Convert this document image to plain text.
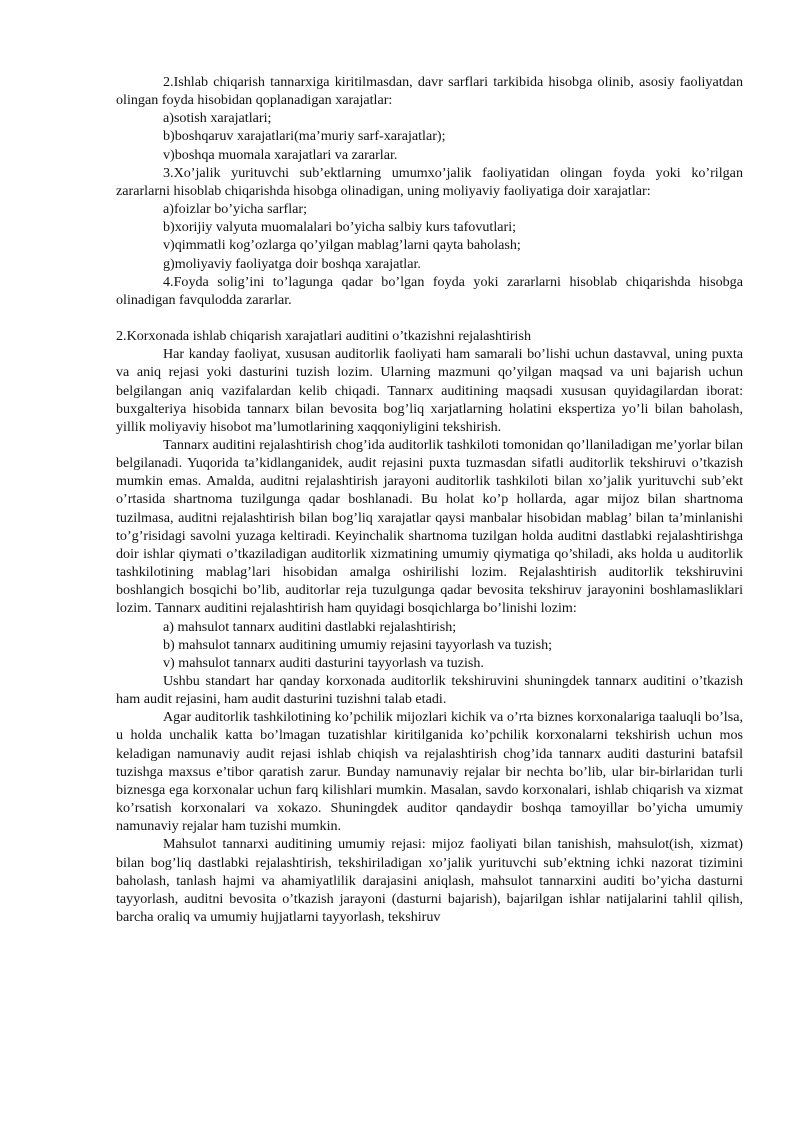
2.Ishlab chiqarish tannarxiga kiritilmasdan, davr sarflari tarkibida hisobga olinib, asosiy faoliyatdan olingan foyda hisobidan qoplanadigan xarajatlar:

a)sotish xarajatlari;

b)boshqaruv xarajatlari(ma’muriy sarf-xarajatlar);

v)boshqa muomala xarajatlari va zararlar.

3.Xo’jalik yurituvchi sub’ektlarning umumxo’jalik faoliyatidan olingan foyda yoki ko’rilgan zararlarni hisoblab chiqarishda hisobga olinadigan, uning moliyaviy faoliyatiga doir xarajatlar:

a)foizlar bo’yicha sarflar;

b)xorijiy valyuta muomalalari bo’yicha salbiy kurs tafovutlari;

v)qimmatli kog’ozlarga qo’yilgan mablag’larni qayta baholash;

g)moliyaviy faoliyatga doir boshqa xarajatlar.

4.Foyda solig’ini to’lagunga qadar bo’lgan foyda yoki zararlarni hisoblab chiqarishda hisobga olinadigan favqulodda zararlar.

2.Korxonada ishlab chiqarish xarajatlari auditini o’tkazishni rejalashtirish

Har kanday faoliyat, xususan auditorlik faoliyati ham samarali bo’lishi uchun dastavval, uning puxta va aniq rejasi yoki dasturini tuzish lozim. Ularning mazmuni qo’yilgan maqsad va uni bajarish uchun belgilangan aniq vazifalardan kelib chiqadi. Tannarx auditining maqsadi xususan quyidagilardan iborat: buxgalteriya hisobida tannarx bilan bevosita bog’liq xarjatlarning holatini ekspertiza yo’li bilan baholash, yillik moliyaviy hisobot ma’lumotlarining xaqqoniyligini tekshirish.

Tannarx auditini rejalashtirish chog’ida auditorlik tashkiloti tomonidan qo’llaniladigan me’yorlar bilan belgilanadi. Yuqorida ta’kidlanganidek, audit rejasini puxta tuzmasdan sifatli auditorlik tekshiruvi o’tkazish mumkin emas. Amalda, auditni rejalashtirish jarayoni auditorlik tashkiloti bilan xo’jalik yurituvchi sub’ekt o’rtasida shartnoma tuzilgunga qadar boshlanadi. Bu holat ko’p hollarda, agar mijoz bilan shartnoma tuzilmasa, auditni rejalashtirish bilan bog’liq xarajatlar qaysi manbalar hisobidan mablag’ bilan ta’minlanishi to’g’risidagi savolni yuzaga keltiradi. Keyinchalik shartnoma tuzilgan holda auditni dastlabki rejalashtirishga doir ishlar qiymati o’tkaziladigan auditorlik xizmatining umumiy qiymatiga qo’shiladi, aks holda u auditorlik tashkilotining mablag’lari hisobidan amalga oshirilishi lozim. Rejalashtirish auditorlik tekshiruvini boshlangich bosqichi bo’lib, auditorlar reja tuzulgunga qadar bevosita tekshiruv jarayonini boshlamasliklari lozim. Tannarx auditini rejalashtirish ham quyidagi bosqichlarga bo’linishi lozim:

a) mahsulot tannarx auditini dastlabki rejalashtirish;

b) mahsulot tannarx auditining umumiy rejasini tayyorlash va tuzish;

v) mahsulot tannarx auditi dasturini tayyorlash va tuzish.

Ushbu standart har qanday korxonada auditorlik tekshiruvini shuningdek tannarx auditini o’tkazish ham audit rejasini, ham audit dasturini tuzishni talab etadi.

Agar auditorlik tashkilotining ko’pchilik mijozlari kichik va o’rta biznes korxonalariga taaluqli bo’lsa, u holda unchalik katta bo’lmagan tuzatishlar kiritilganida ko’pchilik korxonalarni tekshirish uchun mos keladigan namunaviy audit rejasi ishlab chiqish va rejalashtirish chog’ida tannarx auditi dasturini batafsil tuzishga maxsus e’tibor qaratish zarur. Bunday namunaviy rejalar bir nechta bo’lib, ular bir-birlaridan turli biznesga ega korxonalar uchun farq kilishlari mumkin. Masalan, savdo korxonalari, ishlab chiqarish va xizmat ko’rsatish korxonalari va xokazo. Shuningdek auditor qandaydir boshqa tamoyillar bo’yicha umumiy namunaviy rejalar ham tuzishi mumkin.

Mahsulot tannarxi auditining umumiy rejasi: mijoz faoliyati bilan tanishish, mahsulot(ish, xizmat) bilan bog’liq dastlabki rejalashtirish, tekshiriladigan xo’jalik yurituvchi sub’ektning ichki nazorat tizimini baholash, tanlash hajmi va ahamiyatlilik darajasini aniqlash, mahsulot tannarxini auditi bo’yicha dasturni tayyorlash, auditni bevosita o’tkazish jarayoni (dasturni bajarish), bajarilgan ishlar natijalarini tahlil qilish, barcha oraliq va umumiy hujjatlarni tayyorlash, tekshiruv
